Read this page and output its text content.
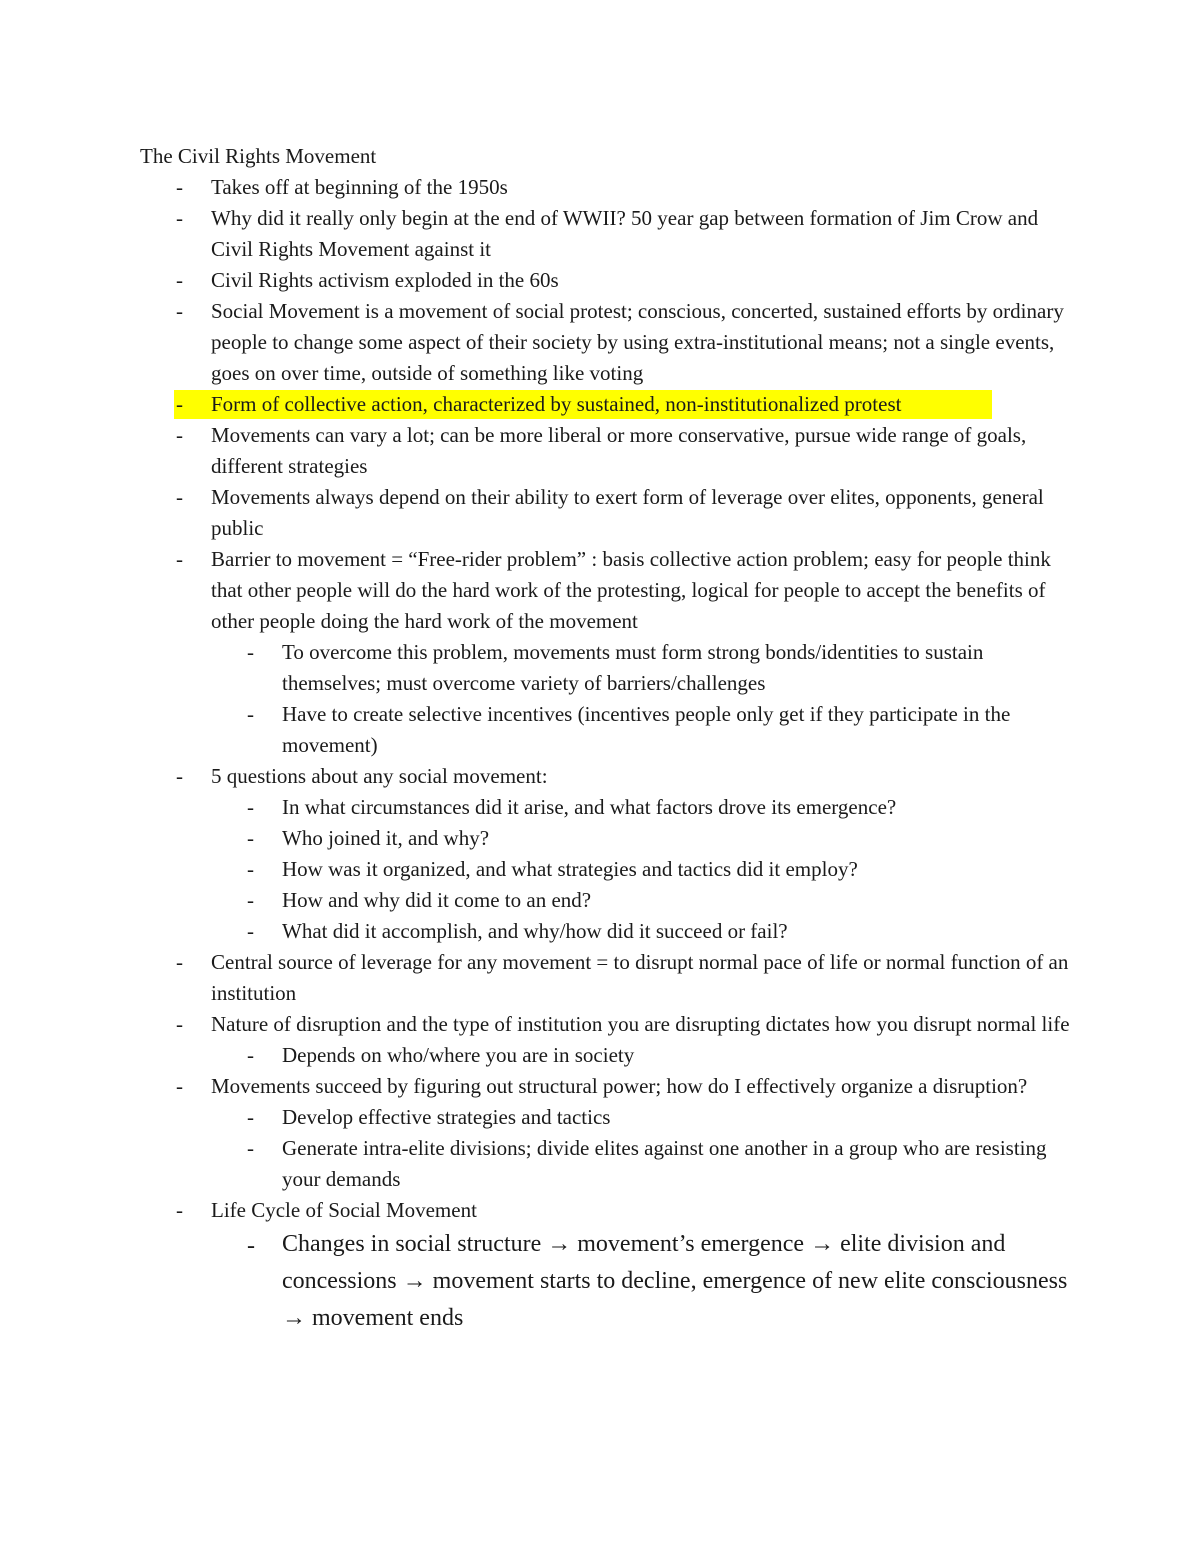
The Civil Rights Movement
- Takes off at beginning of the 1950s
- Why did it really only begin at the end of WWII? 50 year gap between formation of Jim Crow and Civil Rights Movement against it
- Civil Rights activism exploded in the 60s
- Social Movement is a movement of social protest; conscious, concerted, sustained efforts by ordinary people to change some aspect of their society by using extra-institutional means; not a single events, goes on over time, outside of something like voting
- Form of collective action, characterized by sustained, non-institutionalized protest
- Movements can vary a lot; can be more liberal or more conservative, pursue wide range of goals, different strategies
- Movements always depend on their ability to exert form of leverage over elites, opponents, general public
- Barrier to movement = “Free-rider problem” : basis collective action problem; easy for people think that other people will do the hard work of the protesting, logical for people to accept the benefits of other people doing the hard work of the movement
- To overcome this problem, movements must form strong bonds/identities to sustain themselves; must overcome variety of barriers/challenges
- Have to create selective incentives (incentives people only get if they participate in the movement)
- 5 questions about any social movement:
- In what circumstances did it arise, and what factors drove its emergence?
- Who joined it, and why?
- How was it organized, and what strategies and tactics did it employ?
- How and why did it come to an end?
- What did it accomplish, and why/how did it succeed or fail?
- Central source of leverage for any movement = to disrupt normal pace of life or normal function of an institution
- Nature of disruption and the type of institution you are disrupting dictates how you disrupt normal life
- Depends on who/where you are in society
- Movements succeed by figuring out structural power; how do I effectively organize a disruption?
- Develop effective strategies and tactics
- Generate intra-elite divisions; divide elites against one another in a group who are resisting your demands
- Life Cycle of Social Movement
- Changes in social structure → movement’s emergence → elite division and concessions → movement starts to decline, emergence of new elite consciousness → movement ends
